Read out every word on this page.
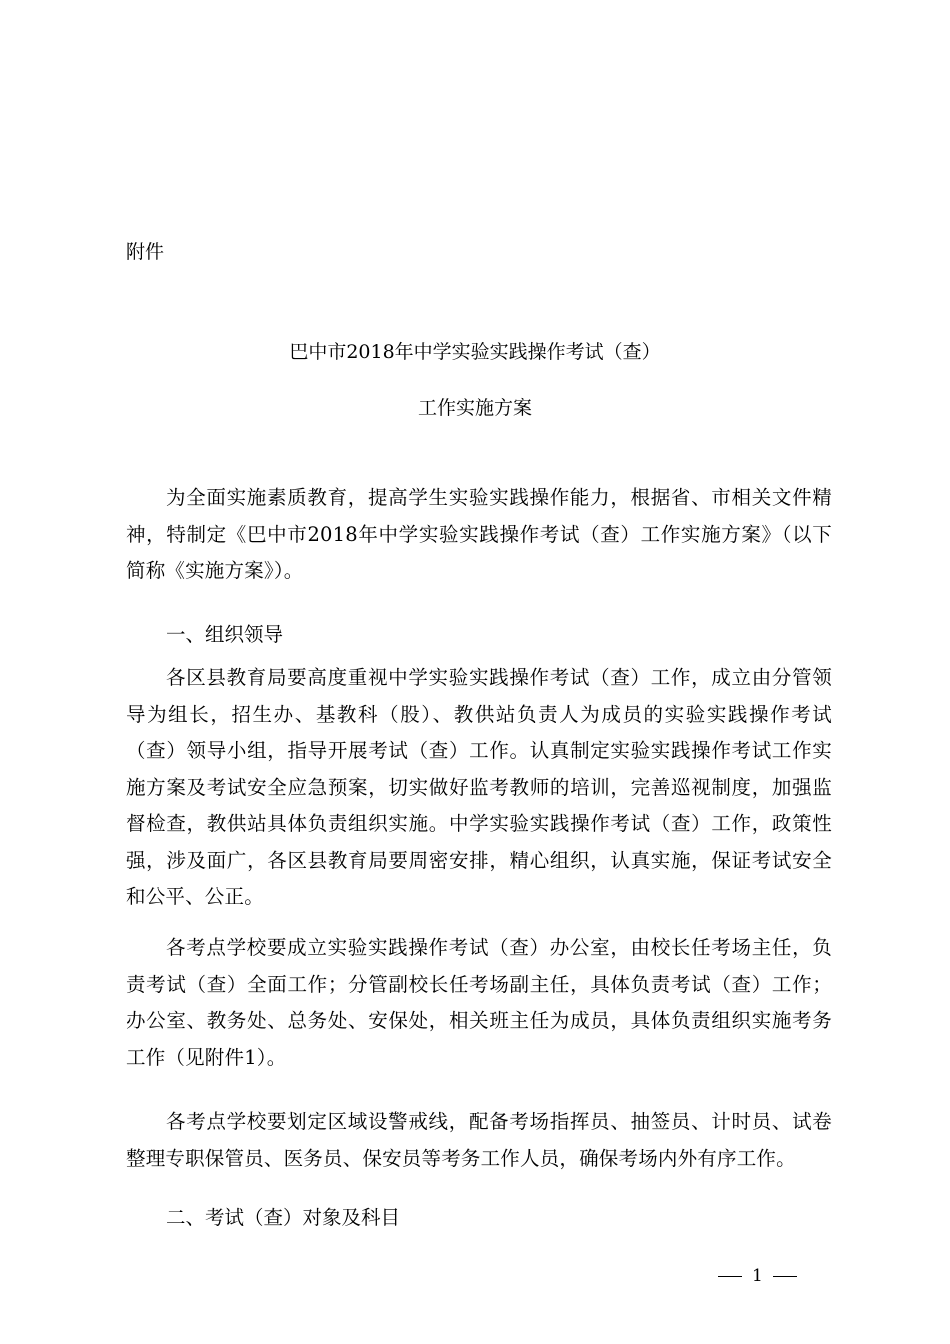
附件
巴中市2018年中学实验实践操作考试（查）
工作实施方案

为全面实施素质教育，提高学生实验实践操作能力，根据省、市相关文件精神，特制定《巴中市2018年中学实验实践操作考试（查）工作实施方案》（以下简称《实施方案》）。

一、组织领导

各区县教育局要高度重视中学实验实践操作考试（查）工作，成立由分管领导为组长，招生办、基教科（股）、教供站负责人为成员的实验实践操作考试（查）领导小组，指导开展考试（查）工作。认真制定实验实践操作考试工作实施方案及考试安全应急预案，切实做好监考教师的培训，完善巡视制度，加强监督检查，教供站具体负责组织实施。中学实验实践操作考试（查）工作，政策性强，涉及面广，各区县教育局要周密安排，精心组织，认真实施，保证考试安全和公平、公正。

各考点学校要成立实验实践操作考试（查）办公室，由校长任考场主任，负责考试（查）全面工作；分管副校长任考场副主任，具体负责考试（查）工作；办公室、教务处、总务处、安保处，相关班主任为成员，具体负责组织实施考务工作（见附件1）。

各考点学校要划定区域设警戒线，配备考场指挥员、抽签员、计时员、试卷整理专职保管员、医务员、保安员等考务工作人员，确保考场内外有序工作。

二、考试（查）对象及科目
1
